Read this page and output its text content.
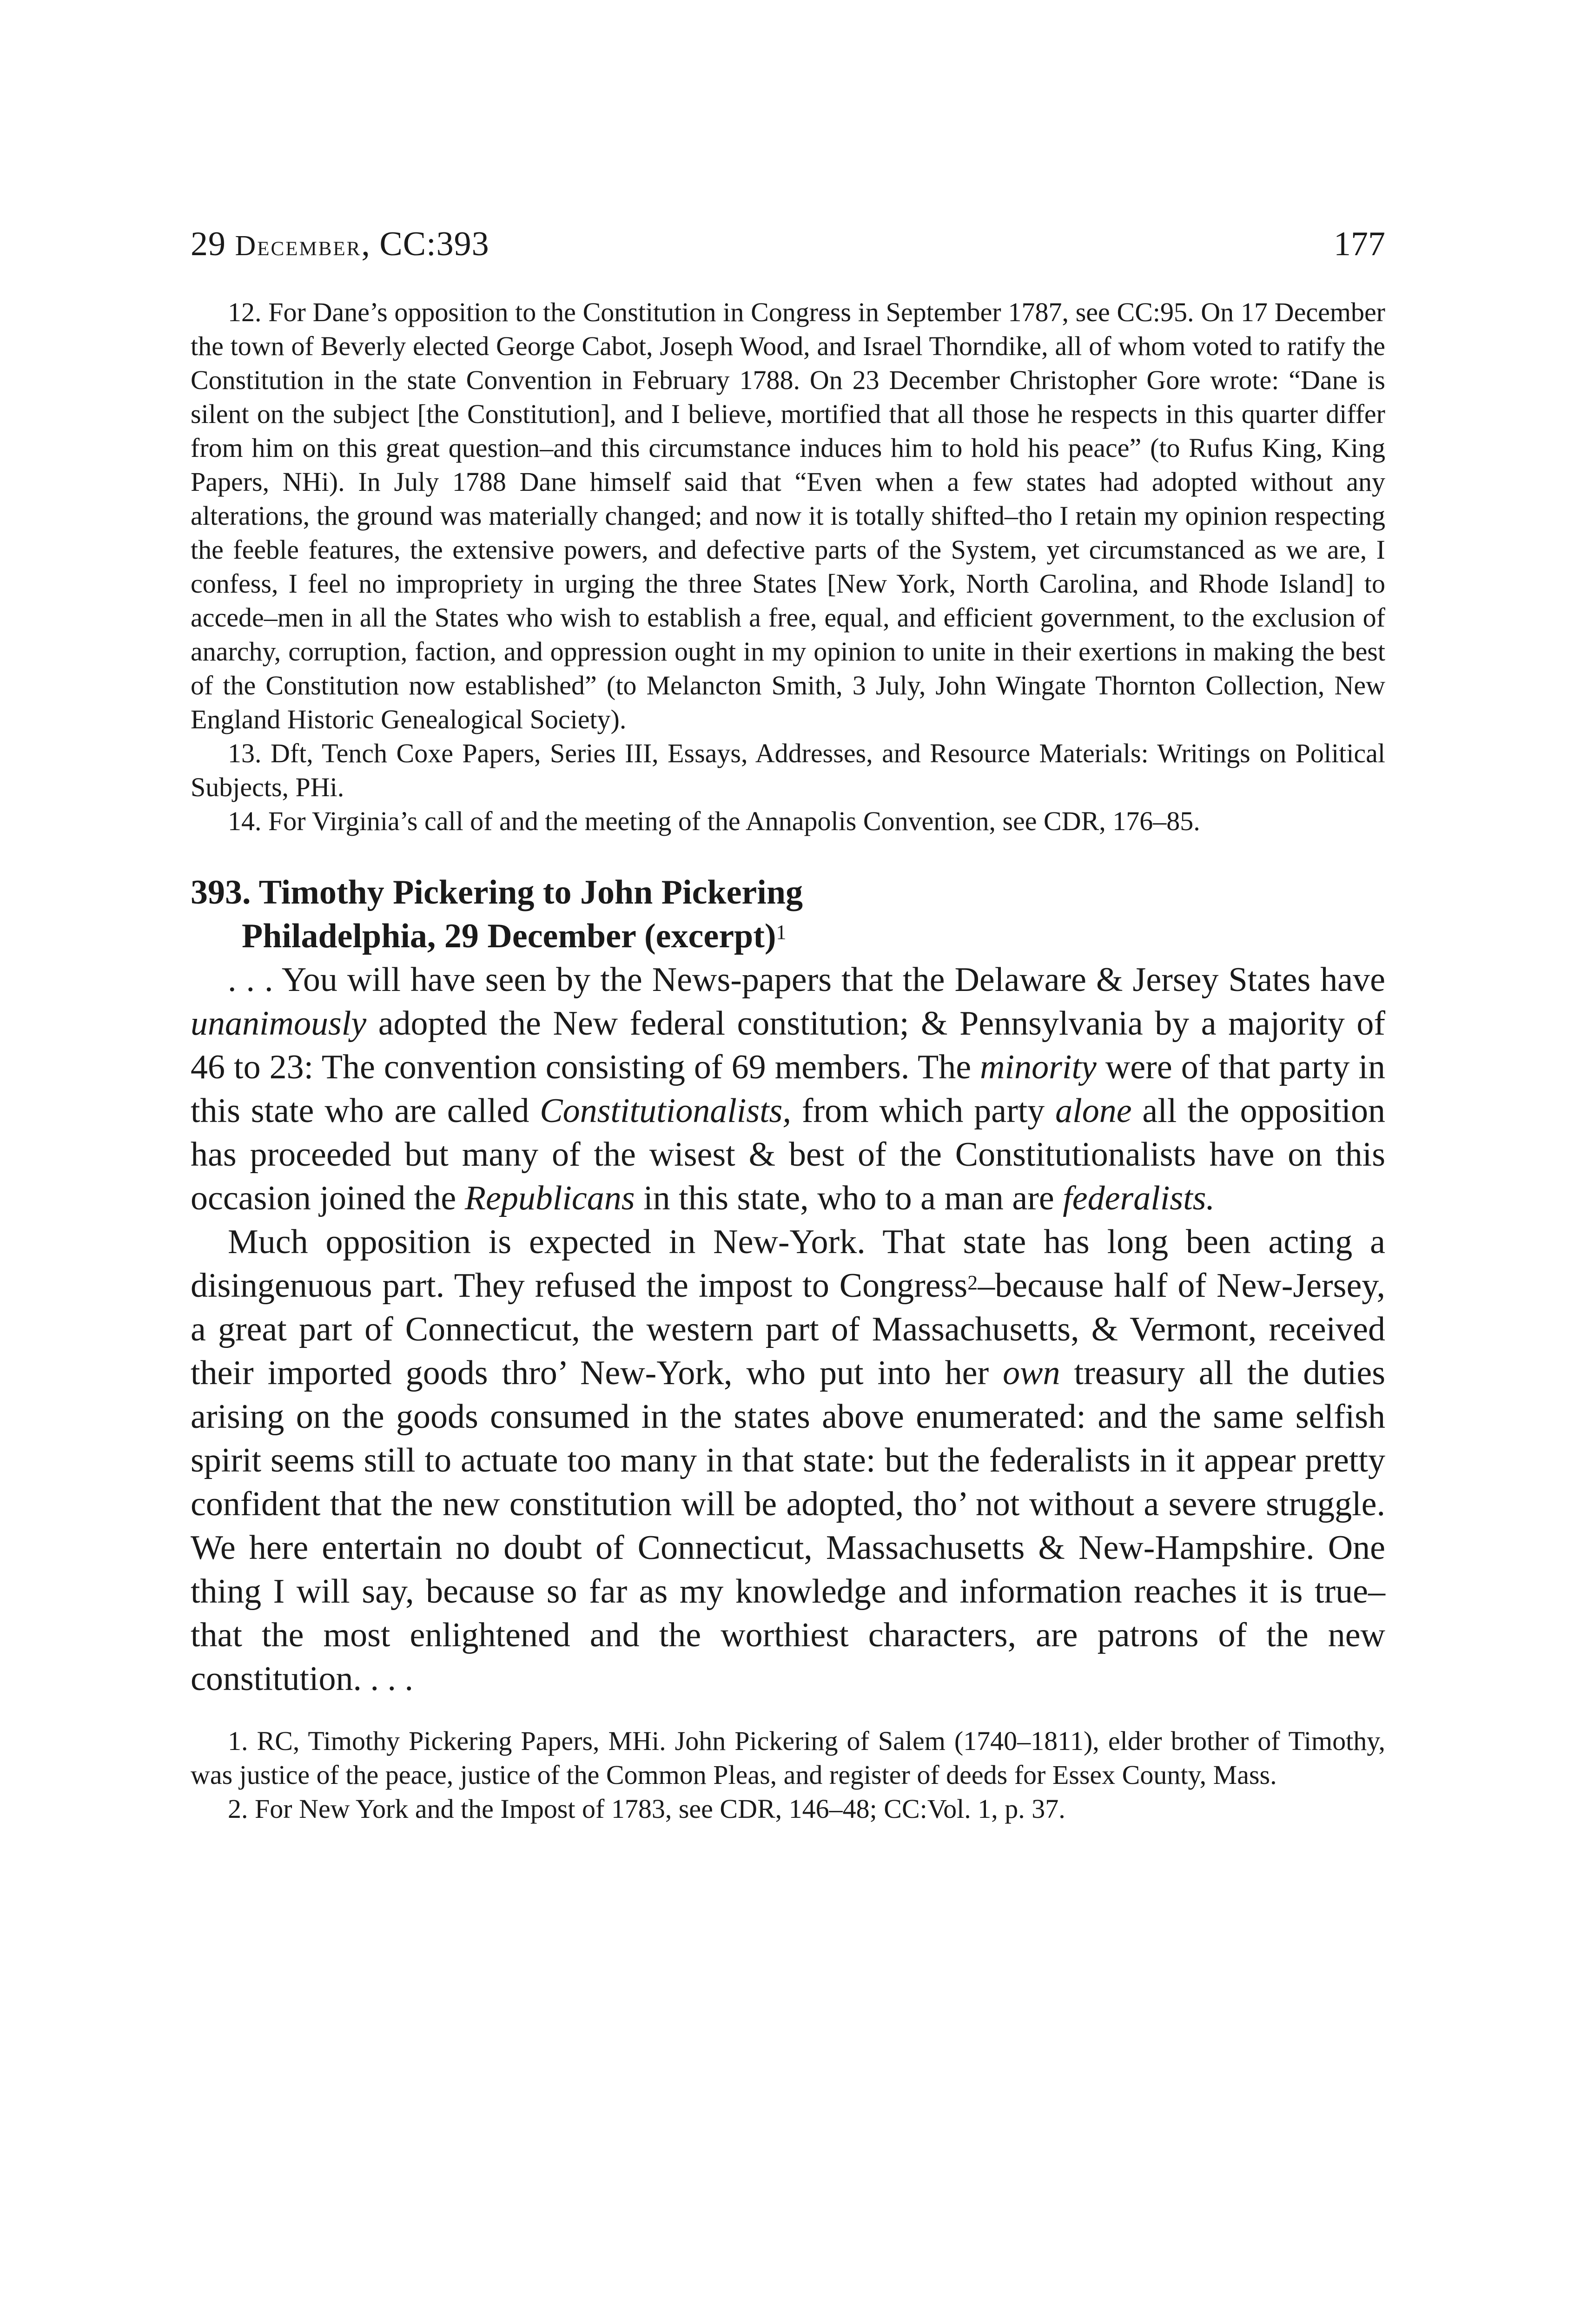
29 December, CC:393	177

12. For Dane’s opposition to the Constitution in Congress in September 1787, see CC:95. On 17 December the town of Beverly elected George Cabot, Joseph Wood, and Israel Thorndike, all of whom voted to ratify the Constitution in the state Convention in February 1788. On 23 December Christopher Gore wrote: “Dane is silent on the subject [the Constitution], and I believe, mortified that all those he respects in this quarter differ from him on this great question–and this circumstance induces him to hold his peace” (to Rufus King, King Papers, NHi). In July 1788 Dane himself said that “Even when a few states had adopted without any alterations, the ground was materially changed; and now it is totally shifted–tho I retain my opinion respecting the feeble features, the extensive powers, and defective parts of the System, yet circumstanced as we are, I confess, I feel no impropriety in urging the three States [New York, North Carolina, and Rhode Island] to accede–men in all the States who wish to establish a free, equal, and efficient government, to the exclusion of anarchy, corruption, faction, and oppression ought in my opinion to unite in their exertions in making the best of the Constitution now established” (to Melancton Smith, 3 July, John Wingate Thornton Collection, New England Historic Genealogical Society).

13. Dft, Tench Coxe Papers, Series III, Essays, Addresses, and Resource Materials: Writings on Political Subjects, PHi.

14. For Virginia’s call of and the meeting of the Annapolis Convention, see CDR, 176–85.

393. Timothy Pickering to John Pickering
Philadelphia, 29 December (excerpt)$^1$

. . . You will have seen by the News-papers that the Delaware & Jersey States have unanimously adopted the New federal constitution; & Pennsylvania by a majority of 46 to 23: The convention consisting of 69 members. The minority were of that party in this state who are called Constitutionalists, from which party alone all the opposition has proceeded but many of the wisest & best of the Constitutionalists have on this occasion joined the Republicans in this state, who to a man are federalists.

Much opposition is expected in New-York. That state has long been acting a disingenuous part. They refused the impost to Congress$^2$–because half of New-Jersey, a great part of Connecticut, the western part of Massachusetts, & Vermont, received their imported goods thro’ New-York, who put into her own treasury all the duties arising on the goods consumed in the states above enumerated: and the same selfish spirit seems still to actuate too many in that state: but the federalists in it appear pretty confident that the new constitution will be adopted, tho’ not without a severe struggle. We here entertain no doubt of Connecticut, Massachusetts & New-Hampshire. One thing I will say, because so far as my knowledge and information reaches it is true–that the most enlightened and the worthiest characters, are patrons of the new constitution. . . .

1. RC, Timothy Pickering Papers, MHi. John Pickering of Salem (1740–1811), elder brother of Timothy, was justice of the peace, justice of the Common Pleas, and register of deeds for Essex County, Mass.

2. For New York and the Impost of 1783, see CDR, 146–48; CC:Vol. 1, p. 37.
